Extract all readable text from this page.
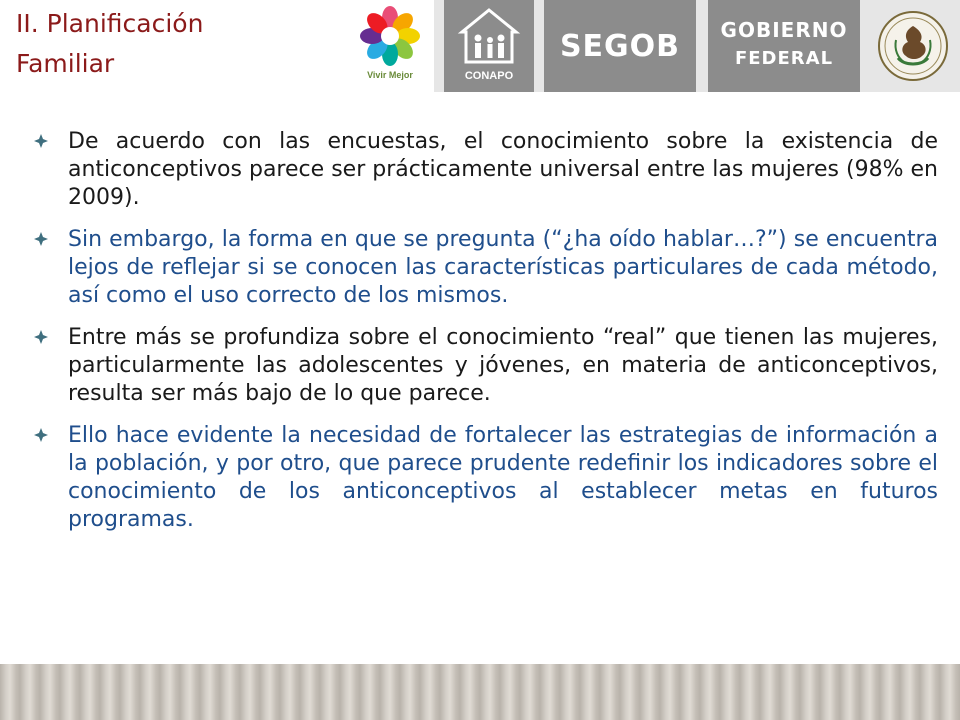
II. Planificación
Familiar	Vivir Mejor	CONAPO
SEGOB GOBIERNO
FEDERAL
De acuerdo con las encuestas, el conocimiento sobre la existencia de anticonceptivos parece ser prácticamente universal entre las mujeres (98% en 2009).
Sin embargo, la forma en que se pregunta (“¿ha oído hablar…?”) se encuentra lejos de reflejar si se conocen las características particulares de cada método, así como el uso correcto de los mismos.
Entre más se profundiza sobre el conocimiento “real” que tienen las mujeres, particularmente las adolescentes y jóvenes, en materia de anticonceptivos, resulta ser más bajo de lo que parece.
Ello hace evidente la necesidad de fortalecer las estrategias de información a la población, y por otro, que parece prudente redefinir los indicadores sobre el conocimiento de los anticonceptivos al establecer metas en futuros programas.
